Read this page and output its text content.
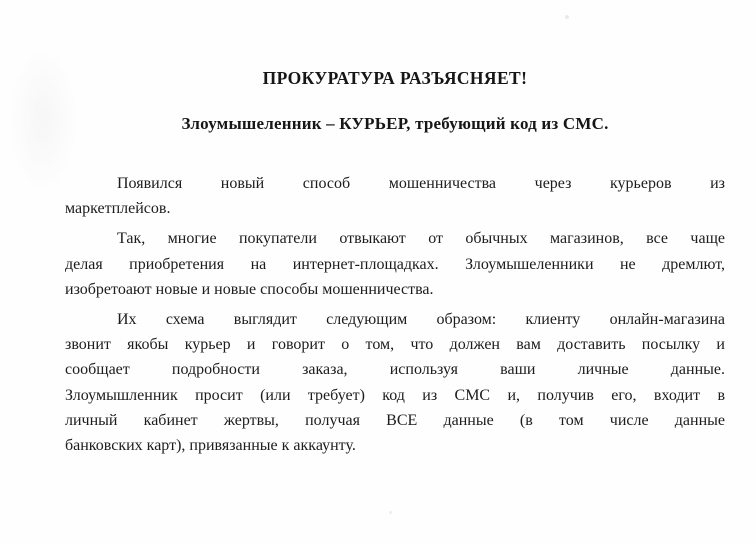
ПРОКУРАТУРА РАЗЪЯСНЯЕТ!
Злоумышеленник – КУРЬЕР, требующий код из СМС.
Появился новый способ мошенничества через курьеров из
маркетплейсов.
Так, многие покупатели отвыкают от обычных магазинов, все чаще
делая приобретения на интернет-площадках. Злоумышеленники не дремлют,
изобретоают новые и новые способы мошенничества.
Их схема выглядит следующим образом: клиенту онлайн-магазина
звонит якобы курьер и говорит о том, что должен вам доставить посылку и
сообщает подробности заказа, используя ваши личные данные.
Злоумышленник просит (или требует) код из СМС и, получив его, входит в
личный кабинет жертвы, получая ВСЕ данные (в том числе данные
банковских карт), привязанные к аккаунту.
